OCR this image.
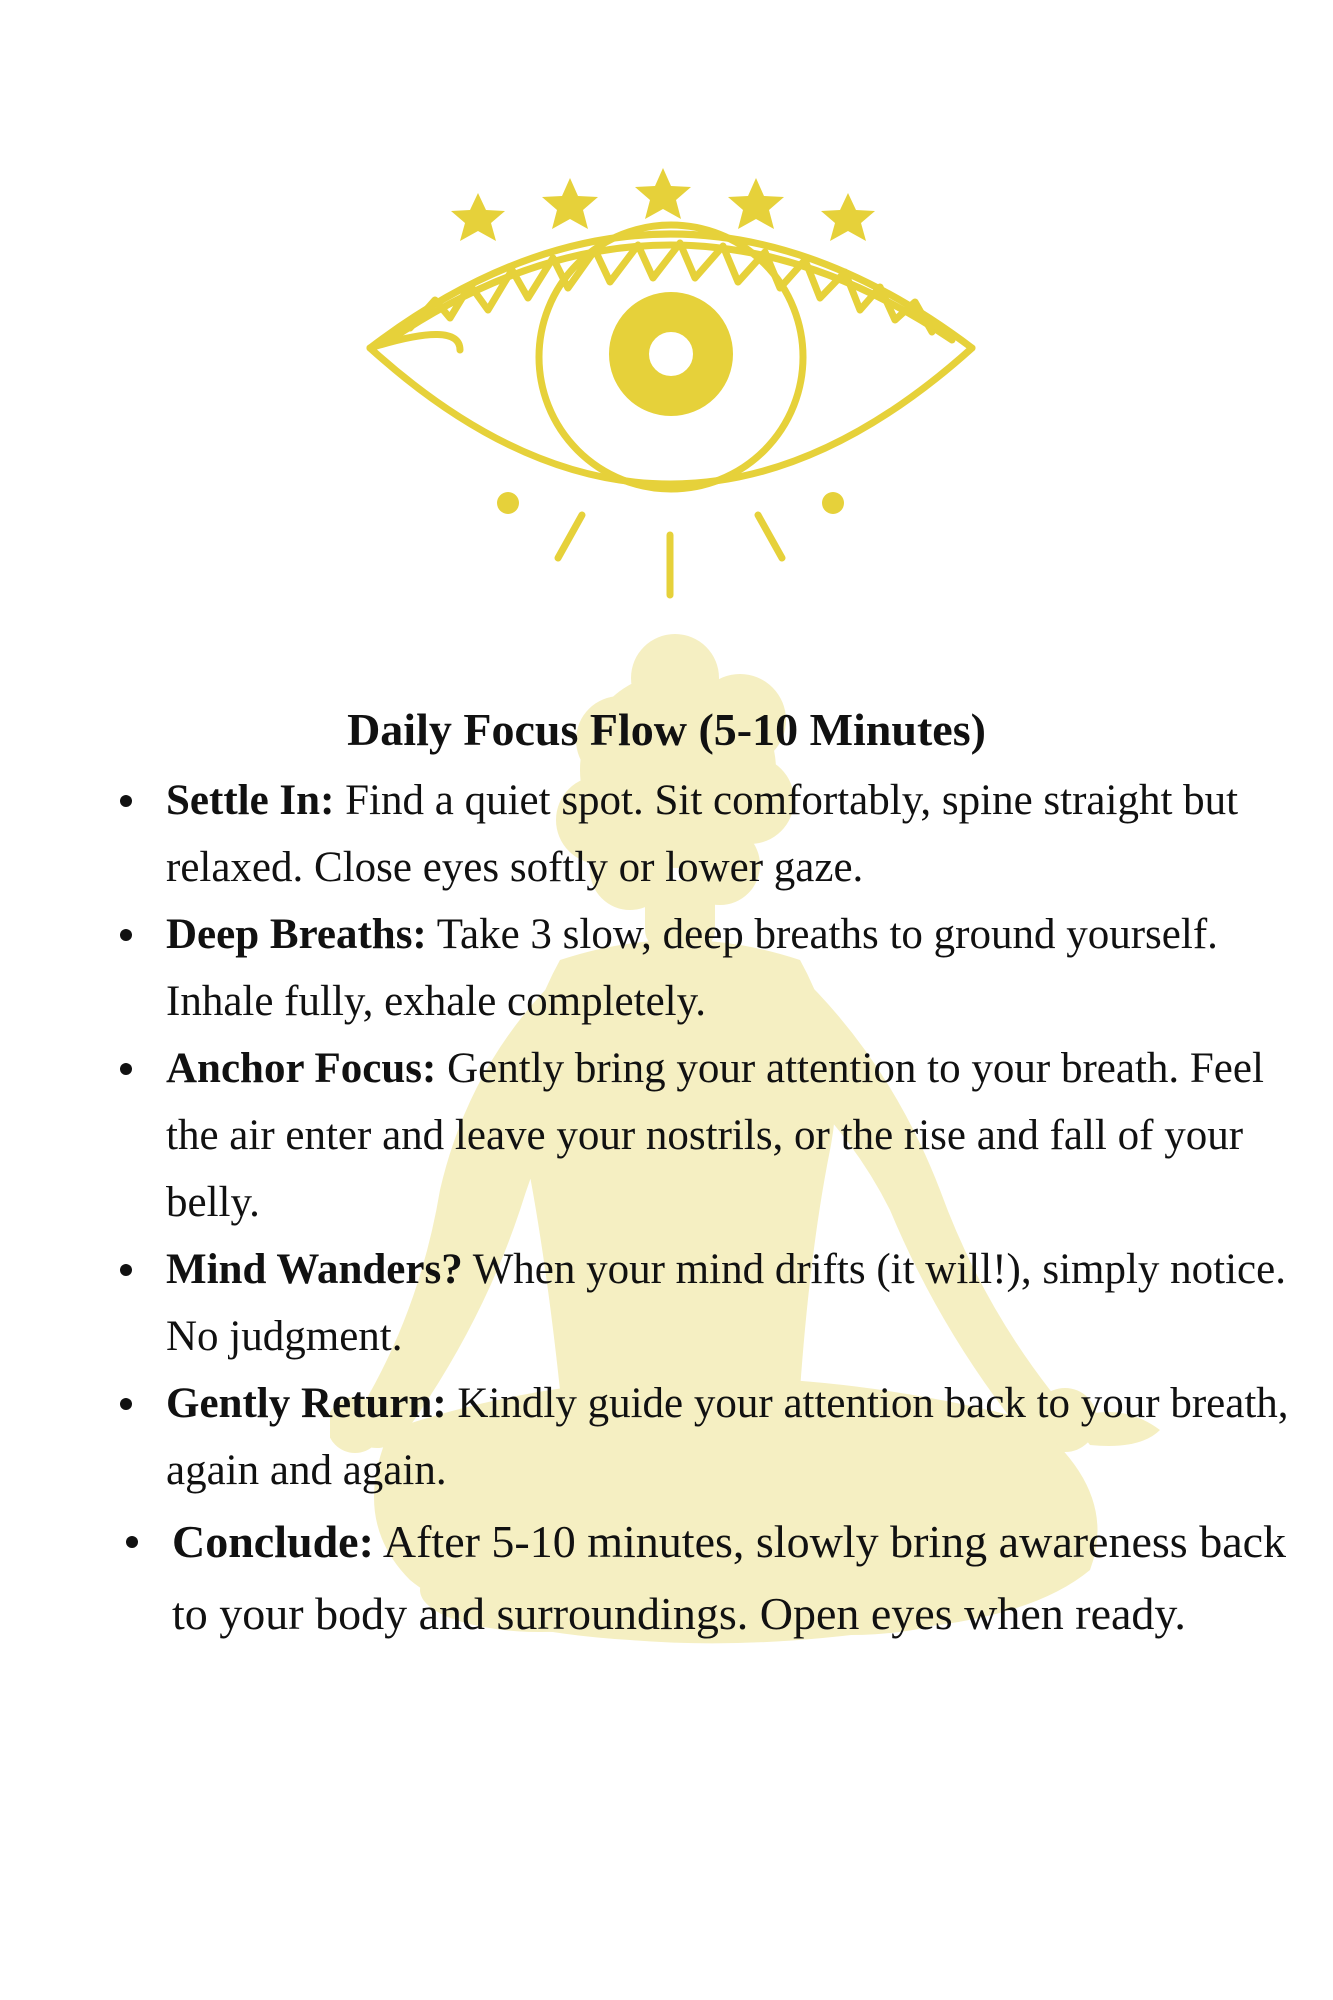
Daily Focus Flow (5-10 Minutes)
Settle In: Find a quiet spot. Sit comfortably, spine straight but relaxed. Close eyes softly or lower gaze.
Deep Breaths: Take 3 slow, deep breaths to ground yourself. Inhale fully, exhale completely.
Anchor Focus: Gently bring your attention to your breath. Feel the air enter and leave your nostrils, or the rise and fall of your belly.
Mind Wanders? When your mind drifts (it will!), simply notice. No judgment.
Gently Return: Kindly guide your attention back to your breath, again and again.
Conclude: After 5-10 minutes, slowly bring awareness back to your body and surroundings. Open eyes when ready.
